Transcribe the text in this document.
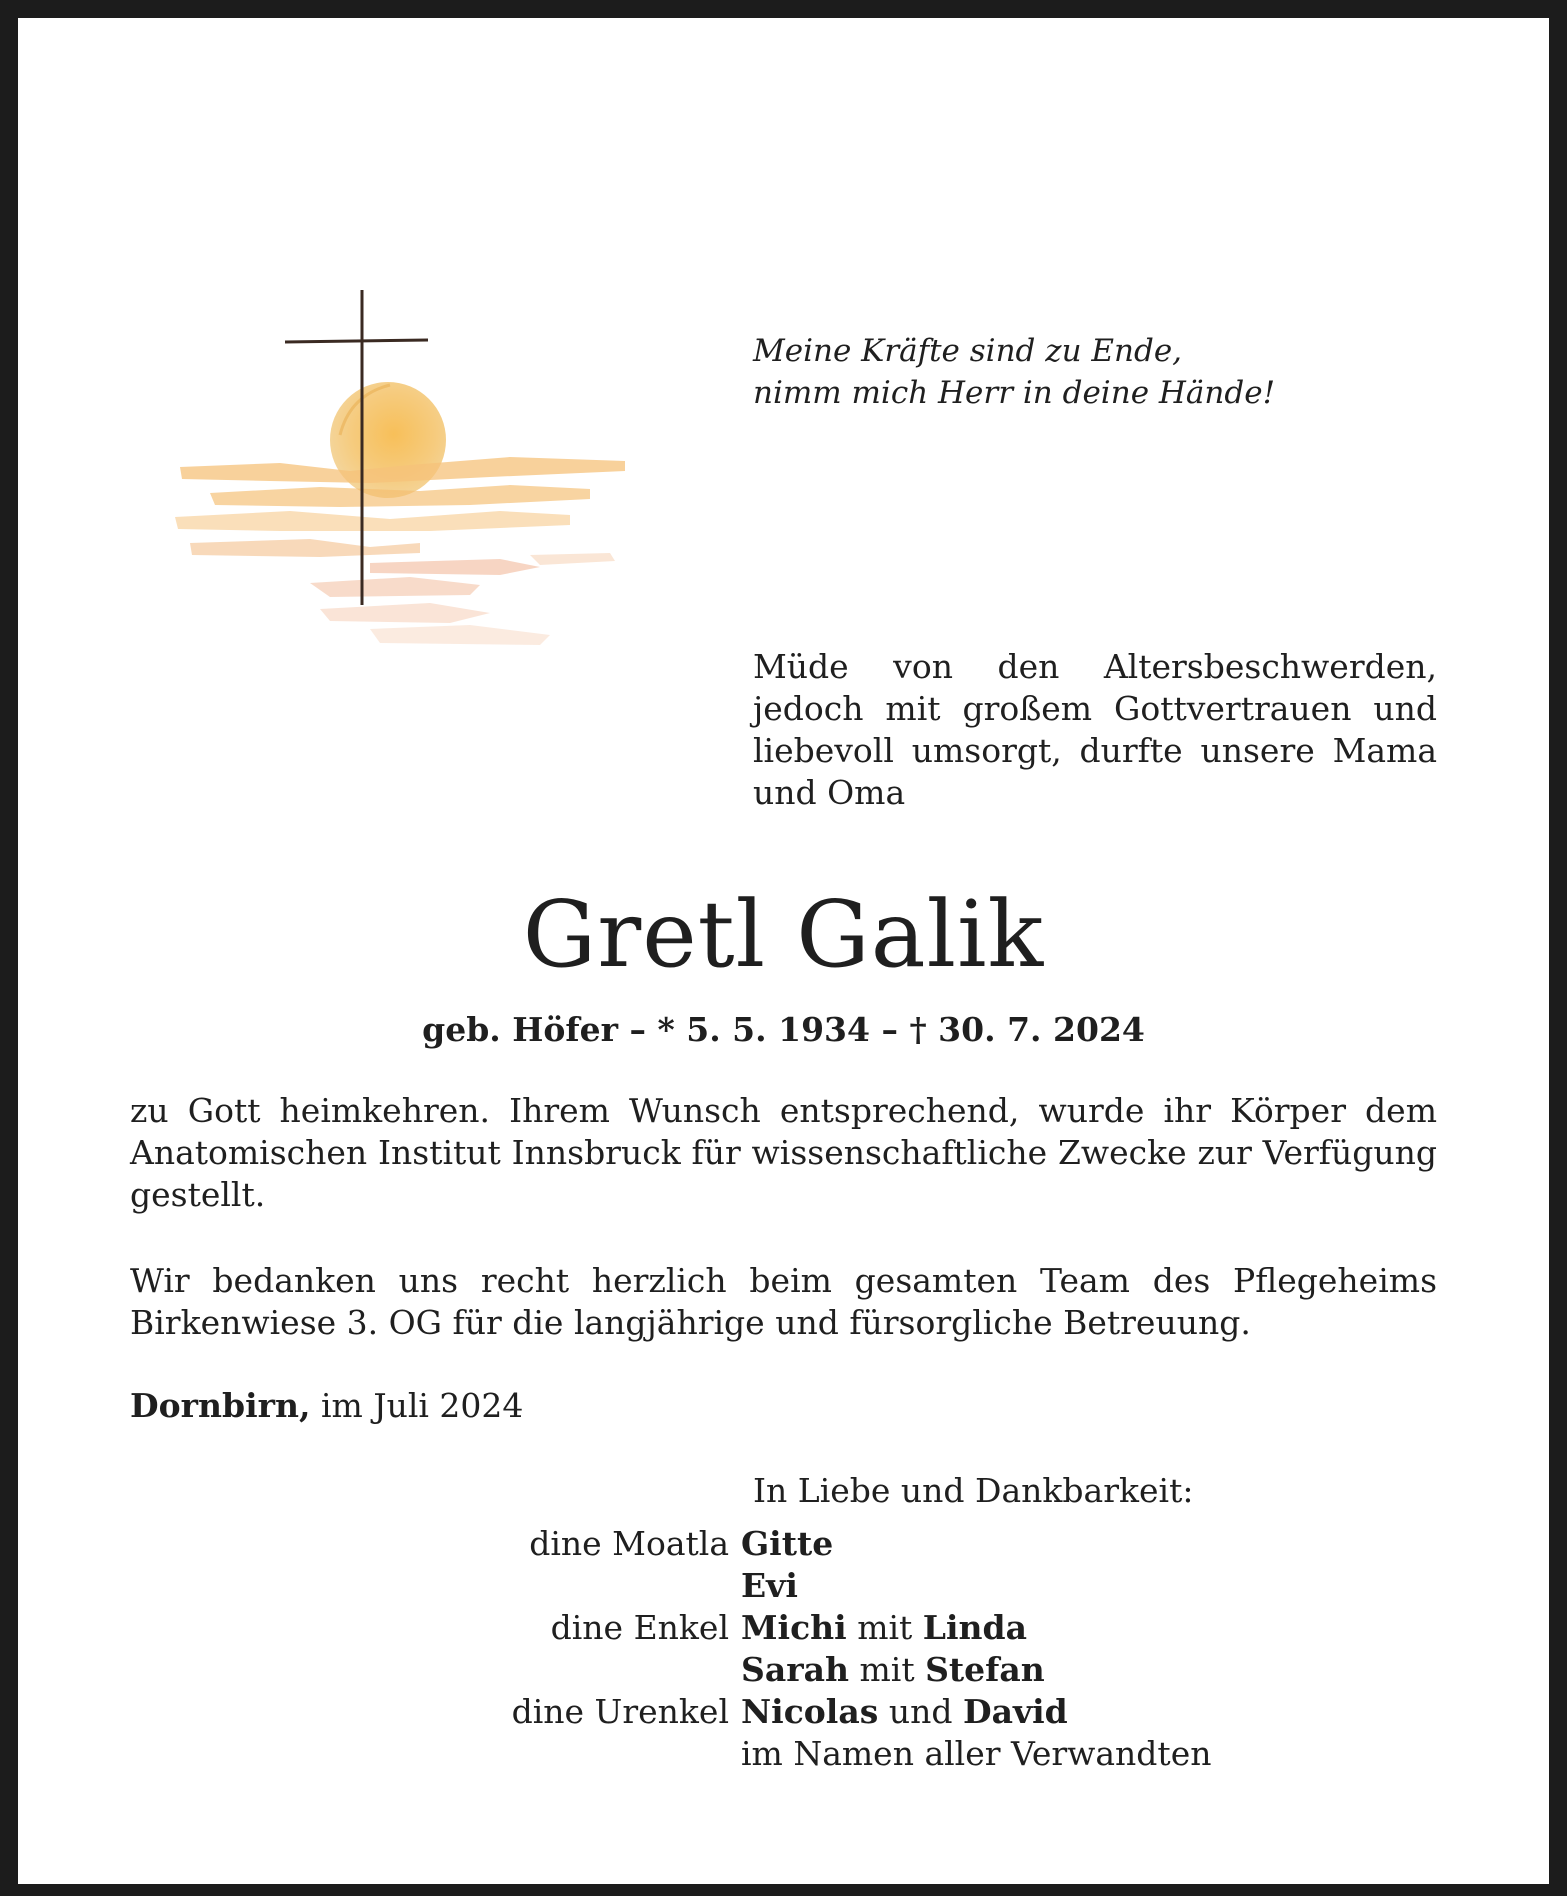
Meine Kräfte sind zu Ende,
nimm mich Herr in deine Hände!
Müde von den Altersbeschwerden, jedoch mit großem Gottvertrauen und liebevoll umsorgt, durfte unsere Mama und Oma
Gretl Galik
geb. Höfer – * 5. 5. 1934 – † 30. 7. 2024
zu Gott heimkehren. Ihrem Wunsch entsprechend, wurde ihr Körper dem Anatomischen Institut Innsbruck für wissenschaftliche Zwecke zur Verfügung gestellt.
Wir bedanken uns recht herzlich beim gesamten Team des Pflegeheims Birkenwiese 3. OG für die langjährige und fürsorgliche Betreuung.
Dornbirn, im Juli 2024
In Liebe und Dankbarkeit:
dine Moatla Gitte
Evi
dine Enkel Michi mit Linda
Sarah mit Stefan
dine Urenkel Nicolas und David
im Namen aller Verwandten
